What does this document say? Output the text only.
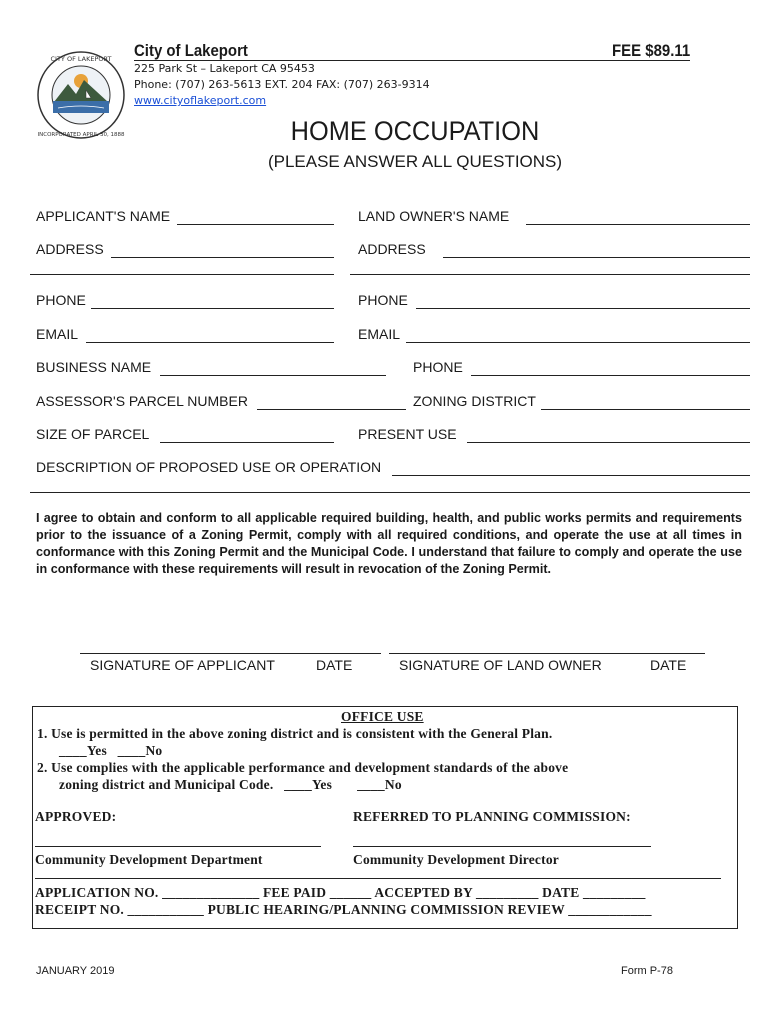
CITY OF LAKEPORT
INCORPORATED APRIL 30, 1888
City of Lakeport	FEE $89.11
225 Park St – Lakeport CA 95453
Phone: (707) 263-5613 EXT. 204 FAX: (707) 263-9314
www.cityoflakeport.com
HOME OCCUPATION
(PLEASE ANSWER ALL QUESTIONS)
APPLICANT'S NAME	LAND OWNER'S NAME
ADDRESS	ADDRESS
PHONE	PHONE
EMAIL	EMAIL
BUSINESS NAME	PHONE
ASSESSOR'S PARCEL NUMBER	ZONING DISTRICT
SIZE OF PARCEL	PRESENT USE
DESCRIPTION OF PROPOSED USE OR OPERATION
I agree to obtain and conform to all applicable required building, health, and public works permits and requirements prior to the issuance of a Zoning Permit, comply with all required conditions, and operate the use at all times in conformance with this Zoning Permit and the Municipal Code. I understand that failure to comply and operate the use in conformance with these requirements will result in revocation of the Zoning Permit.
SIGNATURE OF APPLICANT	DATE	SIGNATURE OF LAND OWNER	DATE
OFFICE USE
1. Use is permitted in the above zoning district and is consistent with the General Plan.
____Yes   ____No
2. Use complies with the applicable performance and development standards of the above
zoning district and Municipal Code.   ____Yes       ____No
APPROVED:	REFERRED TO PLANNING COMMISSION:
Community Development Department	Community Development Director
APPLICATION NO. ______________ FEE PAID ______ ACCEPTED BY _________ DATE _________
RECEIPT NO. ___________ PUBLIC HEARING/PLANNING COMMISSION REVIEW ____________
JANUARY 2019	Form P-78
